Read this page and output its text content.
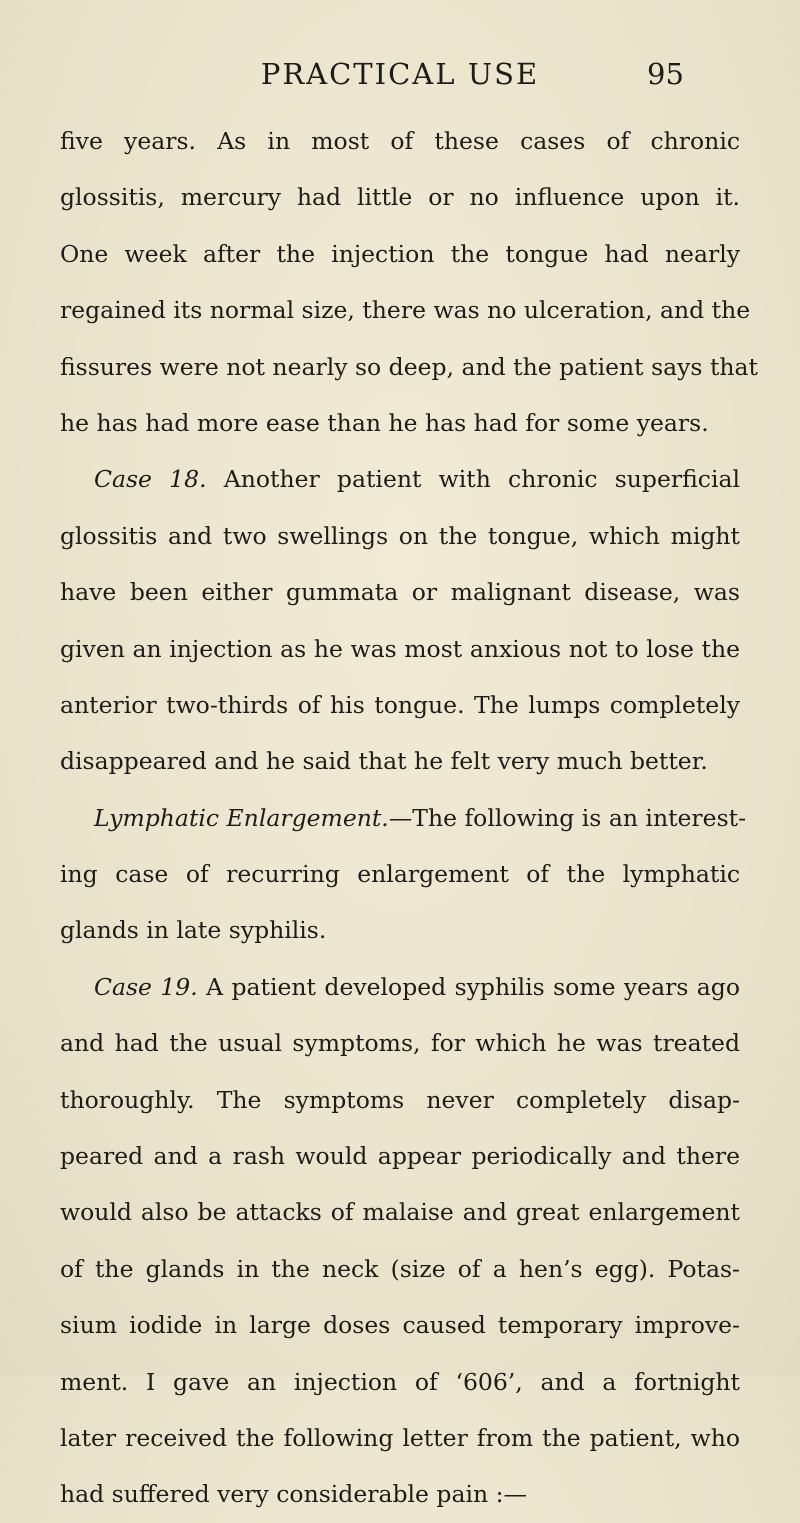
PRACTICAL USE	95
five years. As in most of these cases of chronic
glossitis, mercury had little or no influence upon it.
One week after the injection the tongue had nearly
regained its normal size, there was no ulceration, and the
fissures were not nearly so deep, and the patient says that
he has had more ease than he has had for some years.
Case 18. Another patient with chronic superficial
glossitis and two swellings on the tongue, which might
have been either gummata or malignant disease, was
given an injection as he was most anxious not to lose the
anterior two-thirds of his tongue. The lumps completely
disappeared and he said that he felt very much better.
Lymphatic Enlargement.—The following is an interest-
ing case of recurring enlargement of the lymphatic
glands in late syphilis.
Case 19. A patient developed syphilis some years ago
and had the usual symptoms, for which he was treated
thoroughly. The symptoms never completely disap-
peared and a rash would appear periodically and there
would also be attacks of malaise and great enlargement
of the glands in the neck (size of a hen’s egg). Potas-
sium iodide in large doses caused temporary improve-
ment. I gave an injection of ‘606’, and a fortnight
later received the following letter from the patient, who
had suffered very considerable pain :—
